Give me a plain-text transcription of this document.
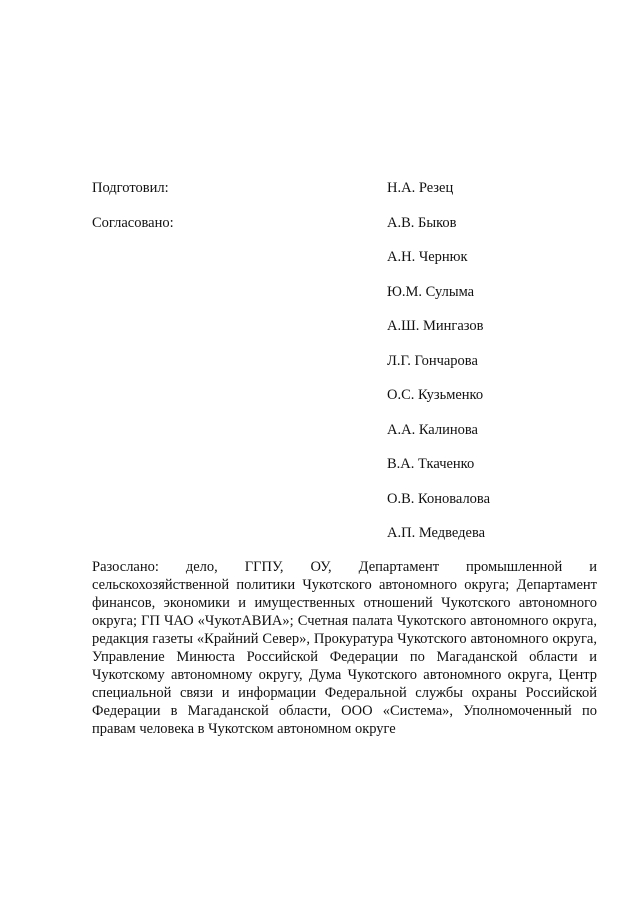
Подготовил:	Н.А. Резец
Согласовано:	А.В. Быков
А.Н. Чернюк
Ю.М. Сулыма
А.Ш. Мингазов
Л.Г. Гончарова
О.С. Кузьменко
А.А. Калинова
В.А. Ткаченко
О.В. Коновалова
А.П. Медведева
Разослано: дело, ГГПУ, ОУ, Департамент промышленной и сельскохозяйственной политики Чукотского автономного округа; Департамент финансов, экономики и имущественных отношений Чукотского автономного округа; ГП ЧАО «ЧукотАВИА»; Счетная палата Чукотского автономного округа, редакция газеты «Крайний Север», Прокуратура Чукотского автономного округа, Управление Минюста Российской Федерации по Магаданской области и Чукотскому автономному округу, Дума Чукотского автономного округа, Центр специальной связи и информации Федеральной службы охраны Российской Федерации в Магаданской области, ООО «Система», Уполномоченный по правам человека в Чукотском автономном округе
